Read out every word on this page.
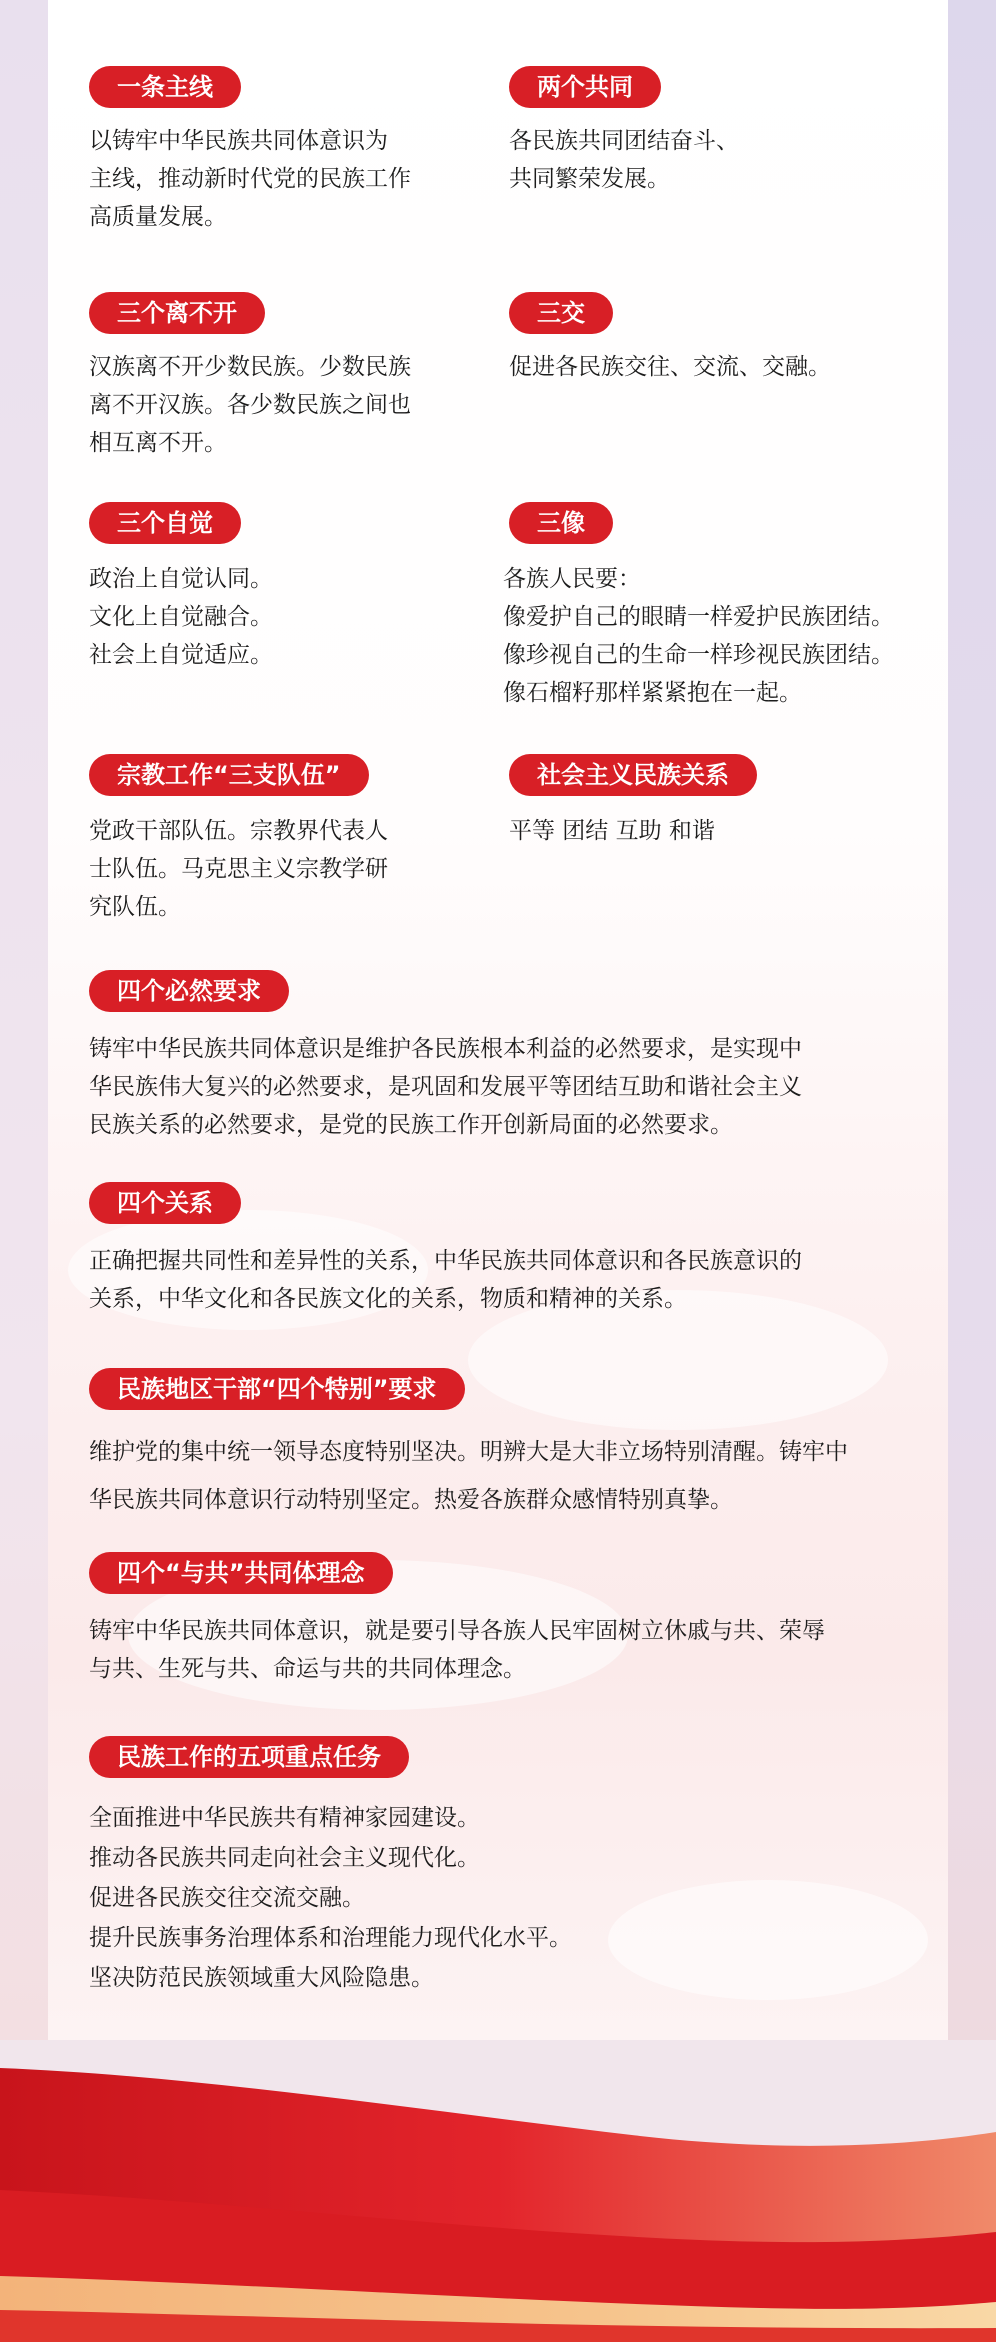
一条主线
以铸牢中华民族共同体意识为
主线，推动新时代党的民族工作
高质量发展。
两个共同
各民族共同团结奋斗、
共同繁荣发展。
三个离不开
汉族离不开少数民族。少数民族
离不开汉族。各少数民族之间也
相互离不开。
三交
促进各民族交往、交流、交融。
三个自觉
政治上自觉认同。
文化上自觉融合。
社会上自觉适应。
三像
各族人民要：
像爱护自己的眼睛一样爱护民族团结。
像珍视自己的生命一样珍视民族团结。
像石榴籽那样紧紧抱在一起。
宗教工作“三支队伍”
党政干部队伍。宗教界代表人
士队伍。马克思主义宗教学研
究队伍。
社会主义民族关系
平等 团结 互助 和谐
四个必然要求
铸牢中华民族共同体意识是维护各民族根本利益的必然要求，是实现中
华民族伟大复兴的必然要求，是巩固和发展平等团结互助和谐社会主义
民族关系的必然要求，是党的民族工作开创新局面的必然要求。
四个关系
正确把握共同性和差异性的关系，中华民族共同体意识和各民族意识的
关系，中华文化和各民族文化的关系，物质和精神的关系。
民族地区干部“四个特别”要求
维护党的集中统一领导态度特别坚决。明辨大是大非立场特别清醒。铸牢中
华民族共同体意识行动特别坚定。热爱各族群众感情特别真挚。
四个“与共”共同体理念
铸牢中华民族共同体意识，就是要引导各族人民牢固树立休戚与共、荣辱
与共、生死与共、命运与共的共同体理念。
民族工作的五项重点任务
全面推进中华民族共有精神家园建设。
推动各民族共同走向社会主义现代化。
促进各民族交往交流交融。
提升民族事务治理体系和治理能力现代化水平。
坚决防范民族领域重大风险隐患。
